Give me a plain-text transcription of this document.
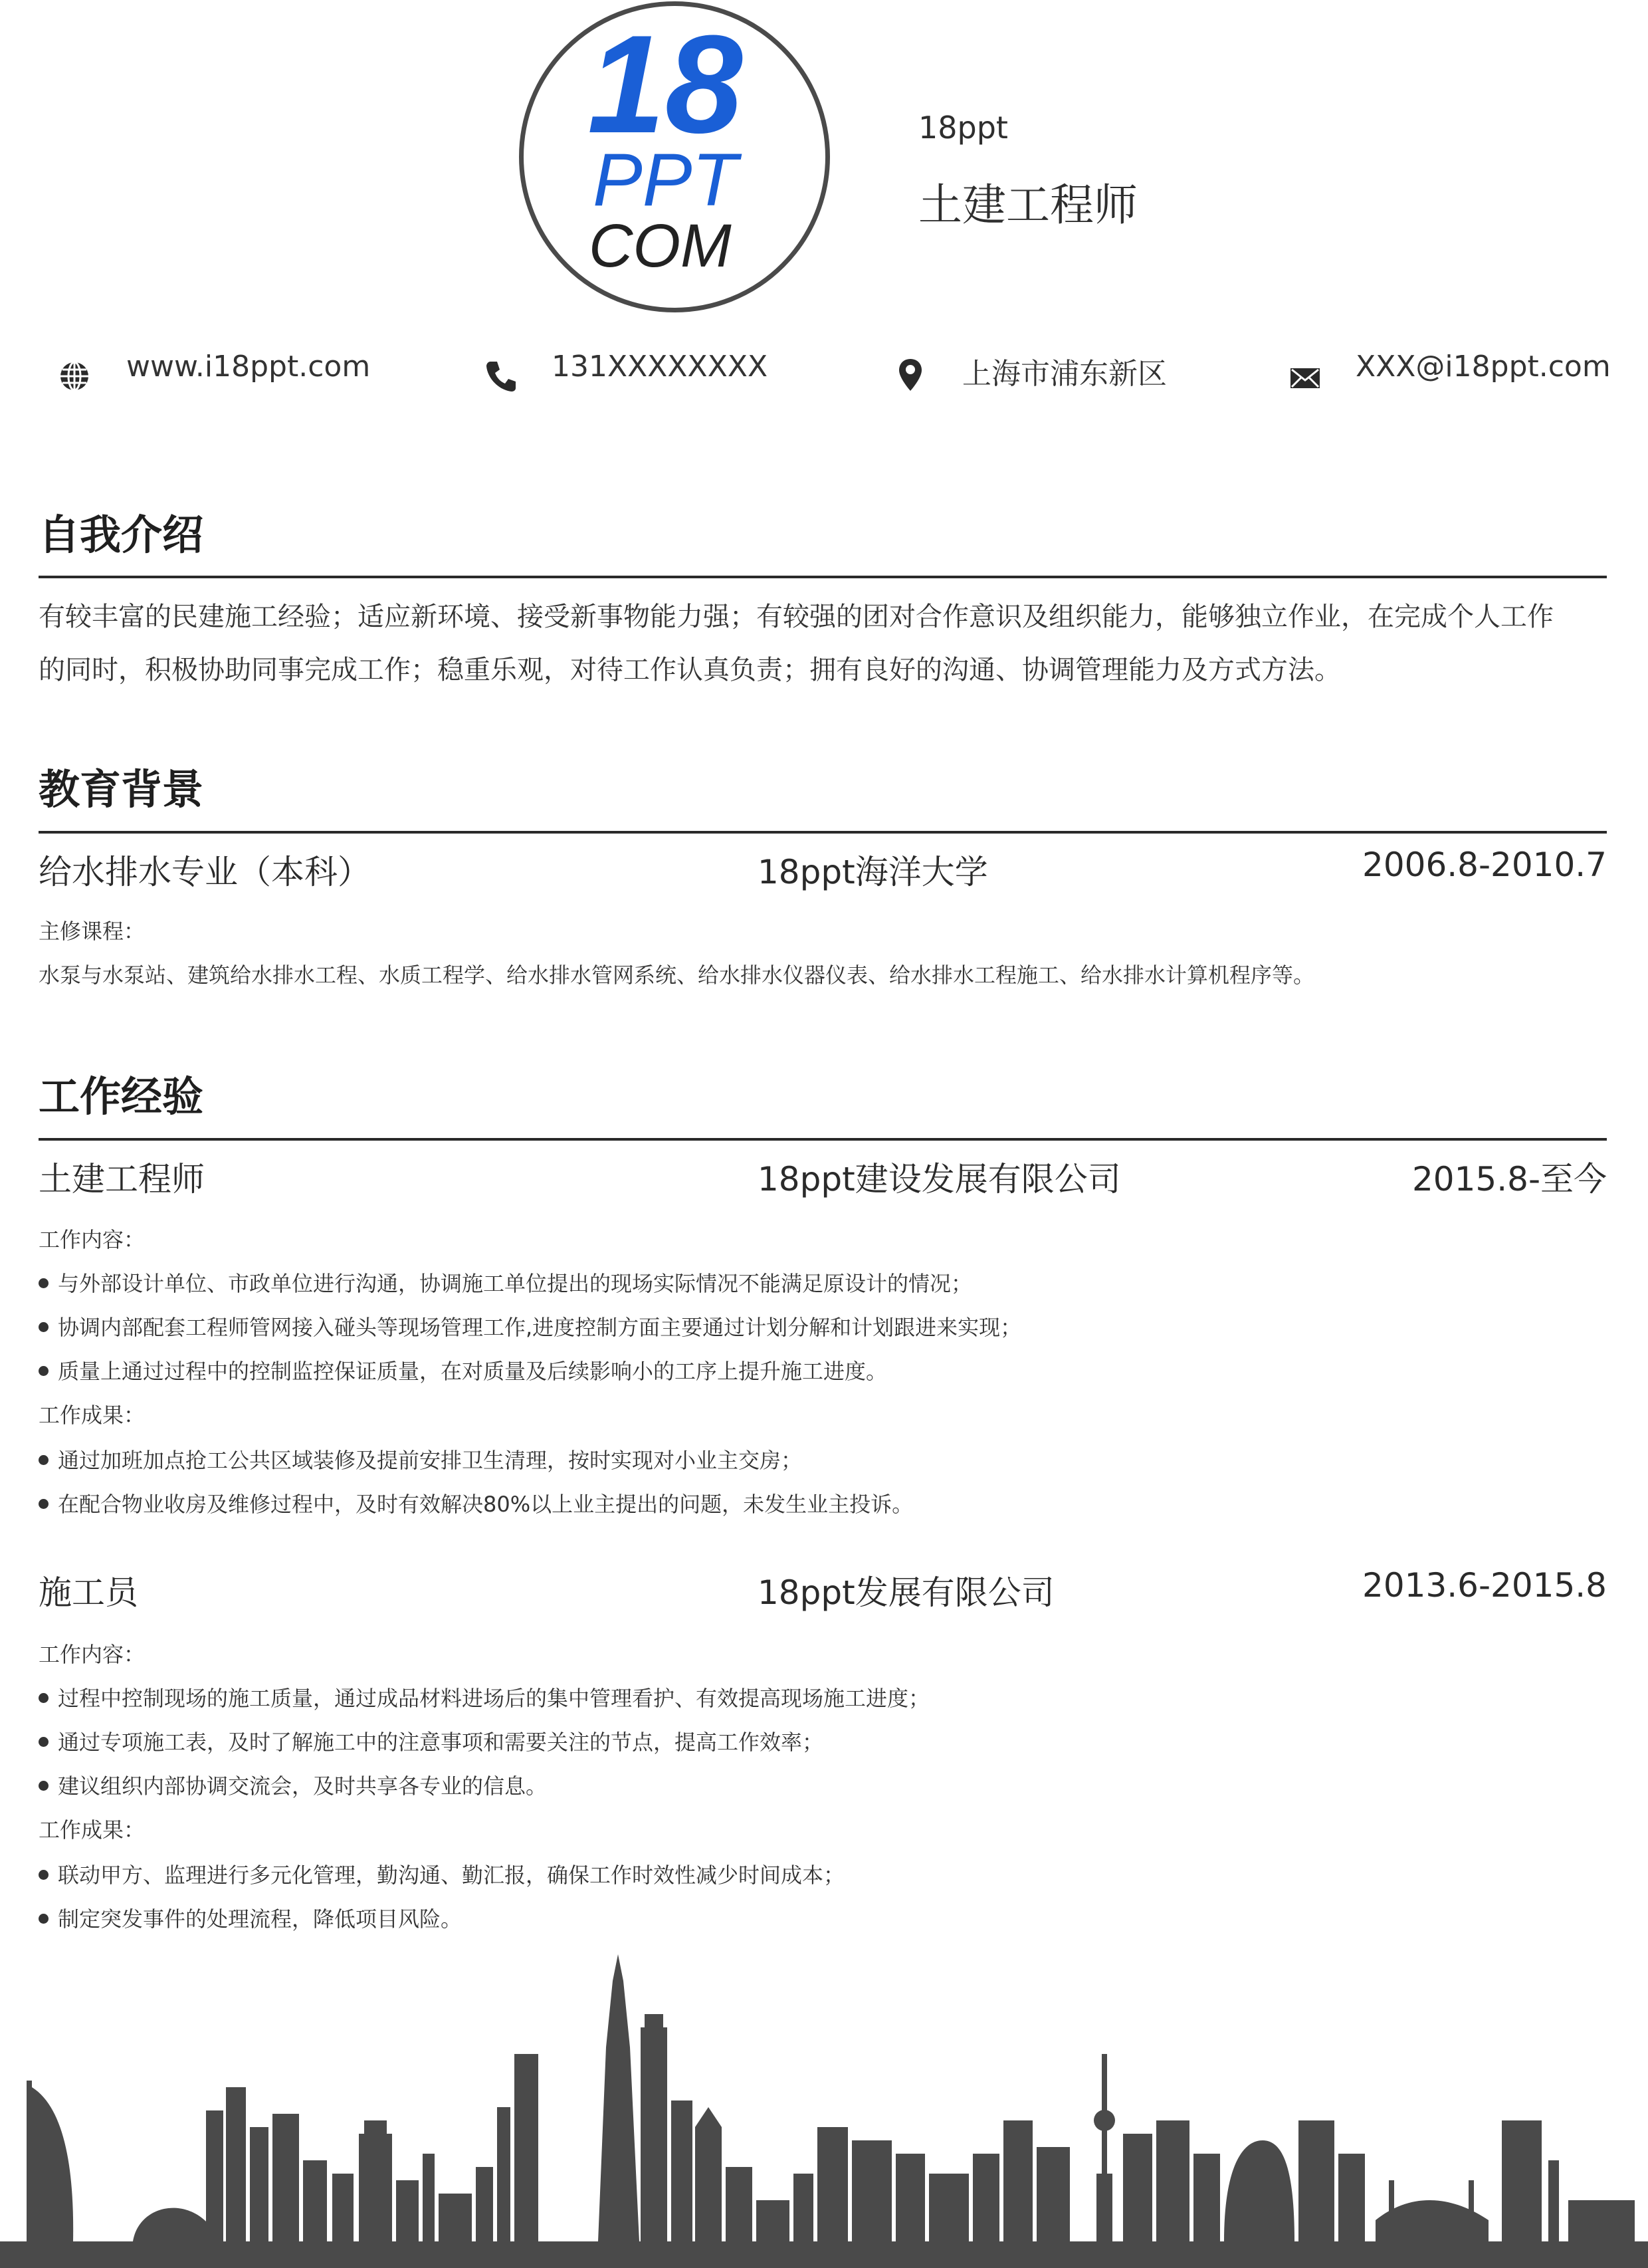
18
PPT
COM
18ppt
土建工程师
www.i18ppt.com	131XXXXXXXX	上海市浦东新区	XXX@i18ppt.com
自我介绍
有较丰富的民建施工经验；适应新环境、接受新事物能力强；有较强的团对合作意识及组织能力，能够独立作业，在完成个人工作
的同时，积极协助同事完成工作；稳重乐观，对待工作认真负责；拥有良好的沟通、协调管理能力及方式方法。
教育背景
给水排水专业（本科）	18ppt海洋大学	2006.8-2010.7
主修课程：
水泵与水泵站、建筑给水排水工程、水质工程学、给水排水管网系统、给水排水仪器仪表、给水排水工程施工、给水排水计算机程序等。
工作经验
土建工程师	18ppt建设发展有限公司	2015.8-至今
工作内容：
与外部设计单位、市政单位进行沟通，协调施工单位提出的现场实际情况不能满足原设计的情况；
协调内部配套工程师管网接入碰头等现场管理工作,进度控制方面主要通过计划分解和计划跟进来实现；
质量上通过过程中的控制监控保证质量，在对质量及后续影响小的工序上提升施工进度。
工作成果：
通过加班加点抢工公共区域装修及提前安排卫生清理，按时实现对小业主交房；
在配合物业收房及维修过程中，及时有效解决80%以上业主提出的问题，未发生业主投诉。
施工员	18ppt发展有限公司	2013.6-2015.8
工作内容：
过程中控制现场的施工质量，通过成品材料进场后的集中管理看护、有效提高现场施工进度；
通过专项施工表，及时了解施工中的注意事项和需要关注的节点，提高工作效率；
建议组织内部协调交流会，及时共享各专业的信息。
工作成果：
联动甲方、监理进行多元化管理，勤沟通、勤汇报，确保工作时效性减少时间成本；
制定突发事件的处理流程，降低项目风险。
